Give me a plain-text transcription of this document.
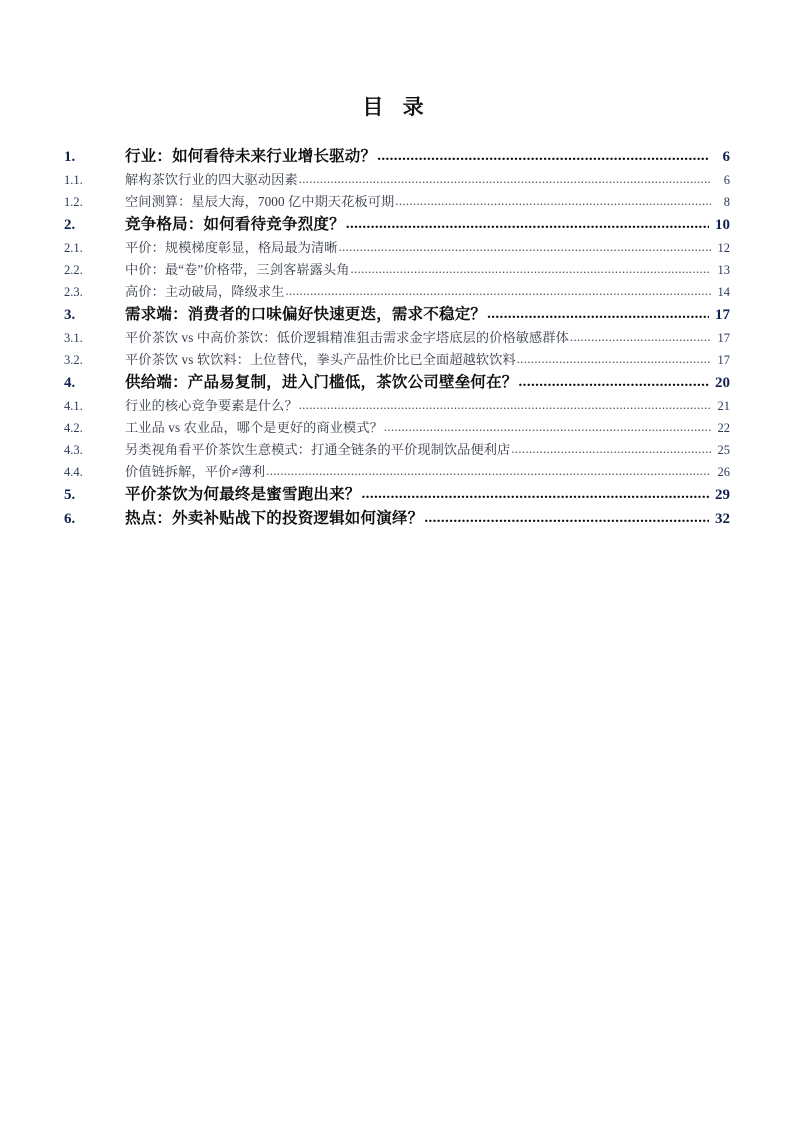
目 录
1.	行业：如何看待未来行业增长驱动？ .....	6
1.1.	解构茶饮行业的四大驱动因素 .....	6
1.2.	空间测算：星辰大海，7000 亿中期天花板可期 .....	8
2.	竞争格局：如何看待竞争烈度？ .....	10
2.1.	平价：规模梯度彰显，格局最为清晰 .....	12
2.2.	中价：最“卷”价格带，三剑客崭露头角 .....	13
2.3.	高价：主动破局，降级求生 .....	14
3.	需求端：消费者的口味偏好快速更迭，需求不稳定？ .....	17
3.1.	平价茶饮 vs 中高价茶饮：低价逻辑精准狙击需求金字塔底层的价格敏感群体 .....	17
3.2.	平价茶饮 vs 软饮料：上位替代，拳头产品性价比已全面超越软饮料 .....	17
4.	供给端：产品易复制，进入门槛低，茶饮公司壁垒何在？ .....	20
4.1.	行业的核心竞争要素是什么？ .....	21
4.2.	工业品 vs 农业品，哪个是更好的商业模式？ .....	22
4.3.	另类视角看平价茶饮生意模式：打通全链条的平价现制饮品便利店 .....	25
4.4.	价值链拆解，平价≠薄利 .....	26
5.	平价茶饮为何最终是蜜雪跑出来？ .....	29
6.	热点：外卖补贴战下的投资逻辑如何演绎？ .....	32
